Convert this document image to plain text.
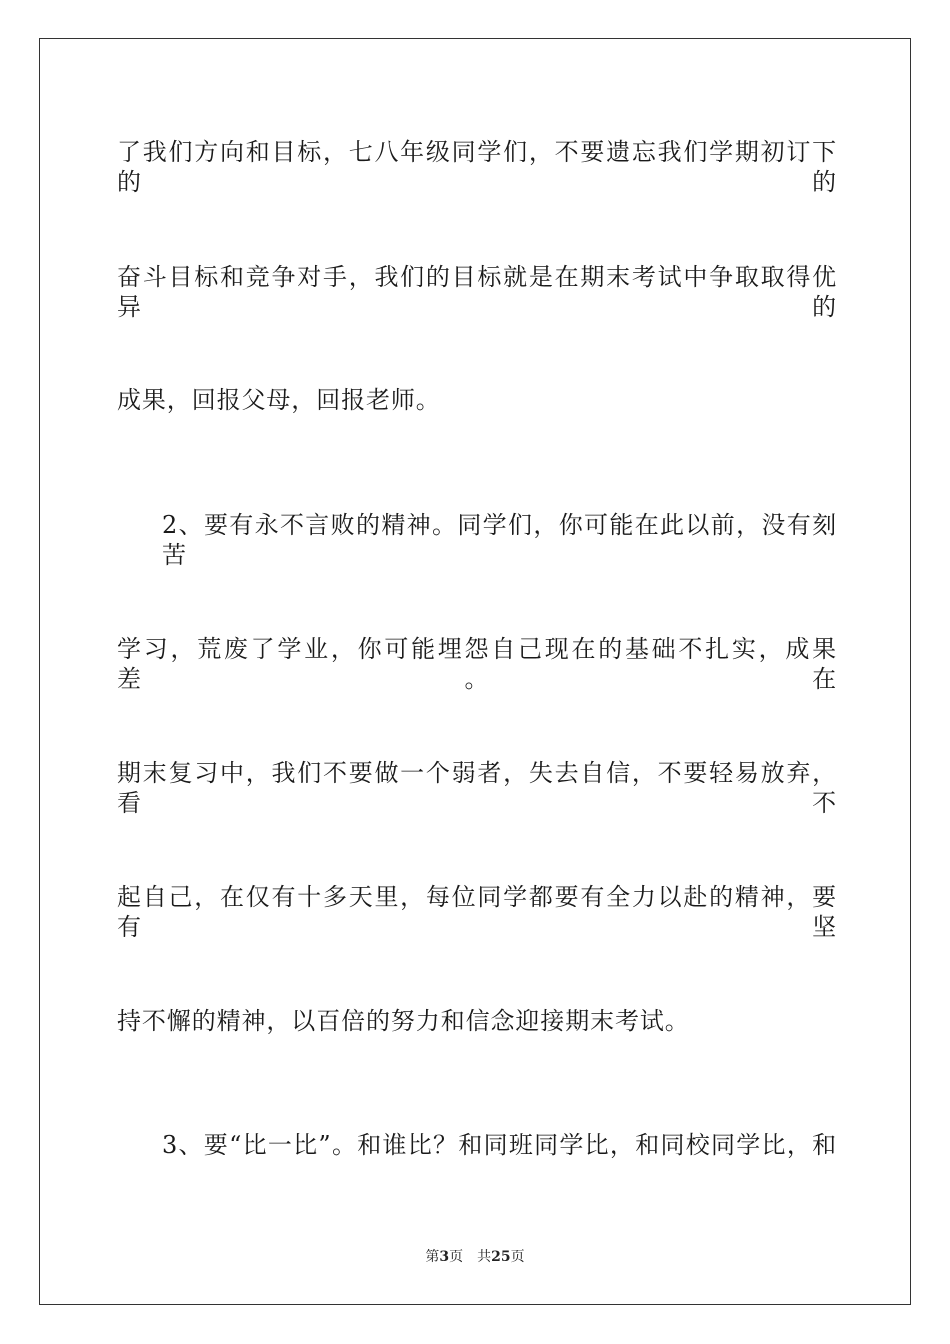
了我们方向和目标，七八年级同学们，不要遗忘我们学期初订下的的
奋斗目标和竞争对手，我们的目标就是在期末考试中争取取得优异的
成果，回报父母，回报老师。
2、要有永不言败的精神。同学们，你可能在此以前，没有刻苦
学习，荒废了学业，你可能埋怨自己现在的基础不扎实，成果差。在
期末复习中，我们不要做一个弱者，失去自信，不要轻易放弃，看不
起自己，在仅有十多天里，每位同学都要有全力以赴的精神，要有坚
持不懈的精神，以百倍的努力和信念迎接期末考试。
3、要“比一比”。和谁比？和同班同学比，和同校同学比，和
第3页 共25页
